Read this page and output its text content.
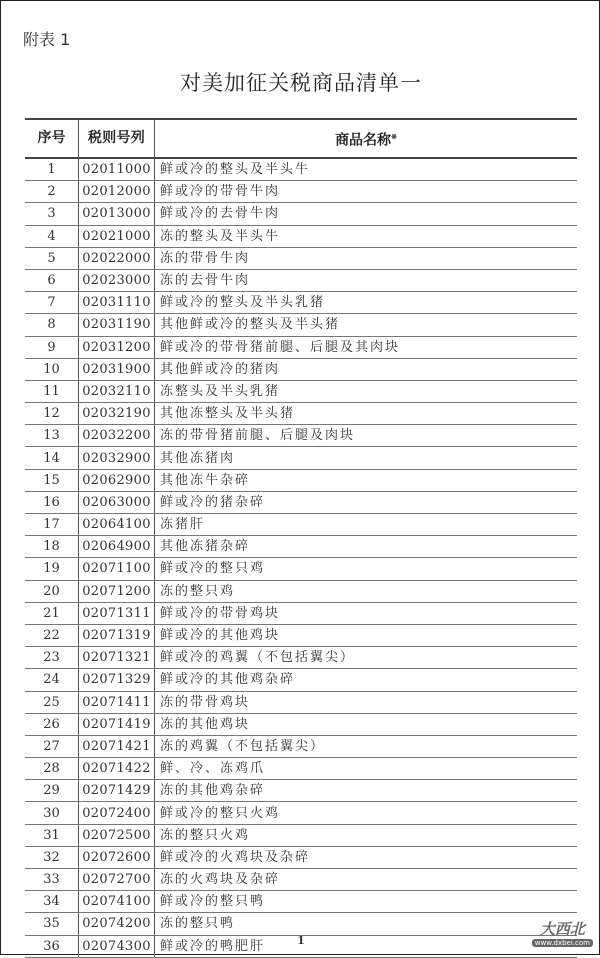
附表 1
对美加征关税商品清单一
序号	税则号列	商品名称※
1	02011000	鲜或冷的整头及半头牛
2	02012000	鲜或冷的带骨牛肉
3	02013000	鲜或冷的去骨牛肉
4	02021000	冻的整头及半头牛
5	02022000	冻的带骨牛肉
6	02023000	冻的去骨牛肉
7	02031110	鲜或冷的整头及半头乳猪
8	02031190	其他鲜或冷的整头及半头猪
9	02031200	鲜或冷的带骨猪前腿、后腿及其肉块
10	02031900	其他鲜或冷的猪肉
11	02032110	冻整头及半头乳猪
12	02032190	其他冻整头及半头猪
13	02032200	冻的带骨猪前腿、后腿及肉块
14	02032900	其他冻猪肉
15	02062900	其他冻牛杂碎
16	02063000	鲜或冷的猪杂碎
17	02064100	冻猪肝
18	02064900	其他冻猪杂碎
19	02071100	鲜或冷的整只鸡
20	02071200	冻的整只鸡
21	02071311	鲜或冷的带骨鸡块
22	02071319	鲜或冷的其他鸡块
23	02071321	鲜或冷的鸡翼（不包括翼尖）
24	02071329	鲜或冷的其他鸡杂碎
25	02071411	冻的带骨鸡块
26	02071419	冻的其他鸡块
27	02071421	冻的鸡翼（不包括翼尖）
28	02071422	鲜、冷、冻鸡爪
29	02071429	冻的其他鸡杂碎
30	02072400	鲜或冷的整只火鸡
31	02072500	冻的整只火鸡
32	02072600	鲜或冷的火鸡块及杂碎
33	02072700	冻的火鸡块及杂碎
34	02074100	鲜或冷的整只鸭
35	02074200	冻的整只鸭
36	02074300	鲜或冷的鸭肥肝	1
大西北
www.dxbei.com
